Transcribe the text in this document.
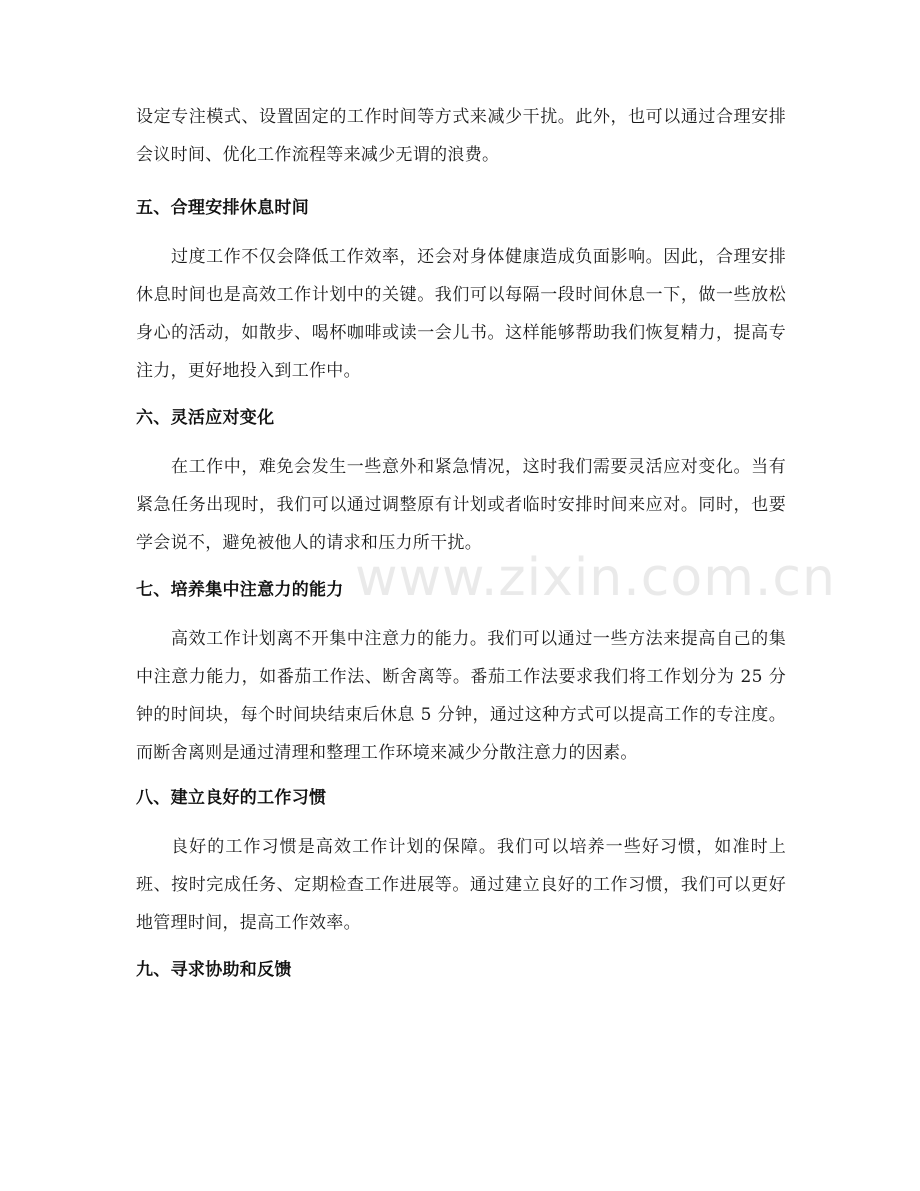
设定专注模式、设置固定的工作时间等方式来减少干扰。此外，也可以通过合理安排会议时间、优化工作流程等来减少无谓的浪费。

五、合理安排休息时间

过度工作不仅会降低工作效率，还会对身体健康造成负面影响。因此，合理安排休息时间也是高效工作计划中的关键。我们可以每隔一段时间休息一下，做一些放松身心的活动，如散步、喝杯咖啡或读一会儿书。这样能够帮助我们恢复精力，提高专注力，更好地投入到工作中。

六、灵活应对变化

在工作中，难免会发生一些意外和紧急情况，这时我们需要灵活应对变化。当有紧急任务出现时，我们可以通过调整原有计划或者临时安排时间来应对。同时，也要学会说不，避免被他人的请求和压力所干扰。

七、培养集中注意力的能力

高效工作计划离不开集中注意力的能力。我们可以通过一些方法来提高自己的集中注意力能力，如番茄工作法、断舍离等。番茄工作法要求我们将工作划分为 25 分钟的时间块，每个时间块结束后休息 5 分钟，通过这种方式可以提高工作的专注度。而断舍离则是通过清理和整理工作环境来减少分散注意力的因素。

八、建立良好的工作习惯

良好的工作习惯是高效工作计划的保障。我们可以培养一些好习惯，如准时上班、按时完成任务、定期检查工作进展等。通过建立良好的工作习惯，我们可以更好地管理时间，提高工作效率。

九、寻求协助和反馈
www.zixin.com.cn
